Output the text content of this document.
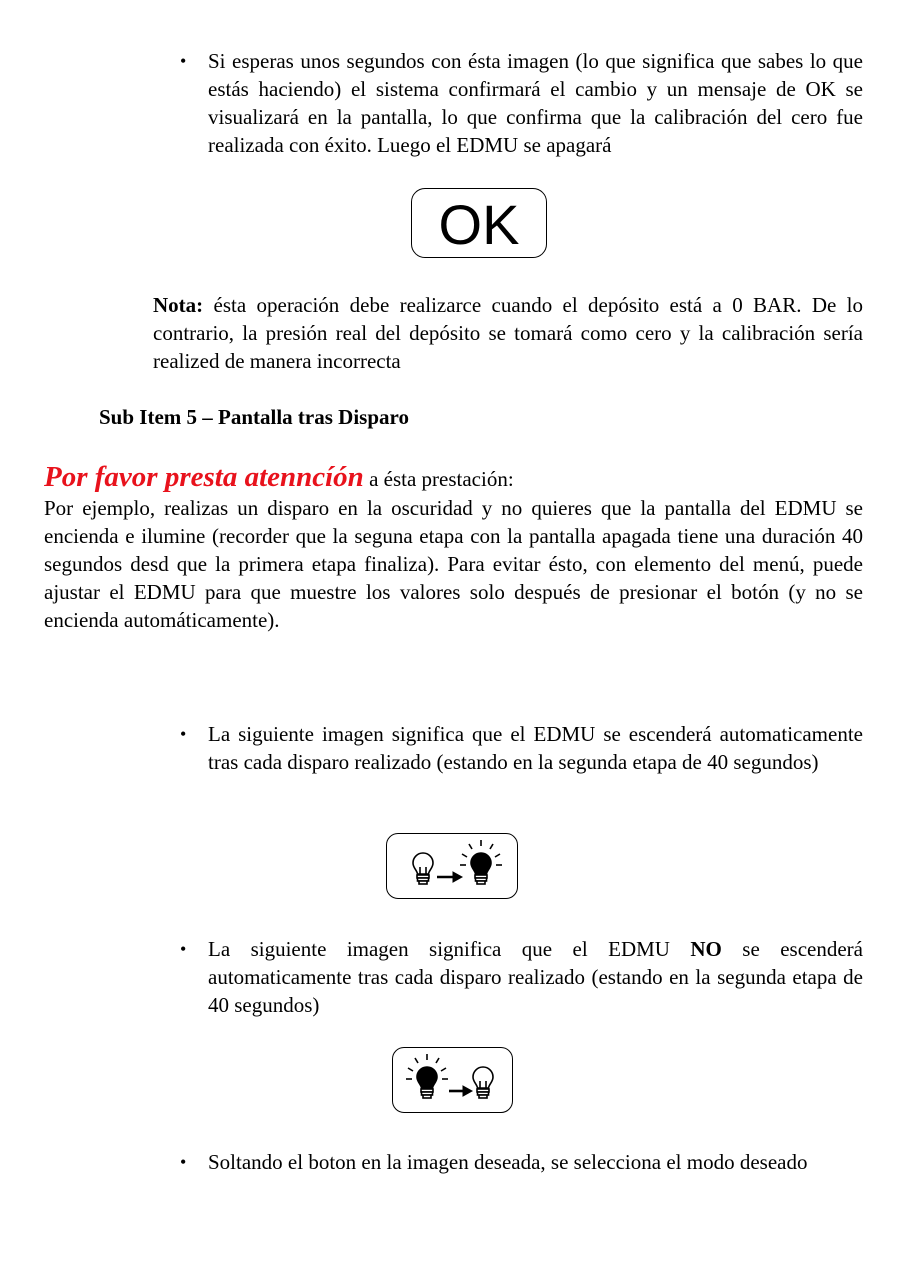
• Si esperas unos segundos con ésta imagen (lo que significa que sabes lo que estás haciendo) el sistema confirmará el cambio y un mensaje de OK se visualizará en la pantalla, lo que confirma que la calibración del cero fue realizada con éxito. Luego el EDMU se apagará
OK
Nota: ésta operación debe realizarce cuando el depósito está a 0 BAR. De lo contrario, la presión real del depósito se tomará como cero y la calibración sería realized de manera incorrecta
Sub Item 5 – Pantalla tras Disparo
Por favor presta atenncíón a ésta prestación:
Por ejemplo, realizas un disparo en la oscuridad y no quieres que la pantalla del EDMU se encienda e ilumine (recorder que la seguna etapa con la pantalla apagada tiene una duración 40 segundos desd que la primera etapa finaliza). Para evitar ésto, con elemento del menú, puede ajustar el EDMU para que muestre los valores solo después de presionar el botón (y no se encienda automáticamente).
• La siguiente imagen significa que el EDMU se escenderá automaticamente tras cada disparo realizado (estando en la segunda etapa de 40 segundos)
• La siguiente imagen significa que el EDMU NO se escenderá automaticamente tras cada disparo realizado (estando en la segunda etapa de 40 segundos)
• Soltando el boton en la imagen deseada, se selecciona el modo deseado
